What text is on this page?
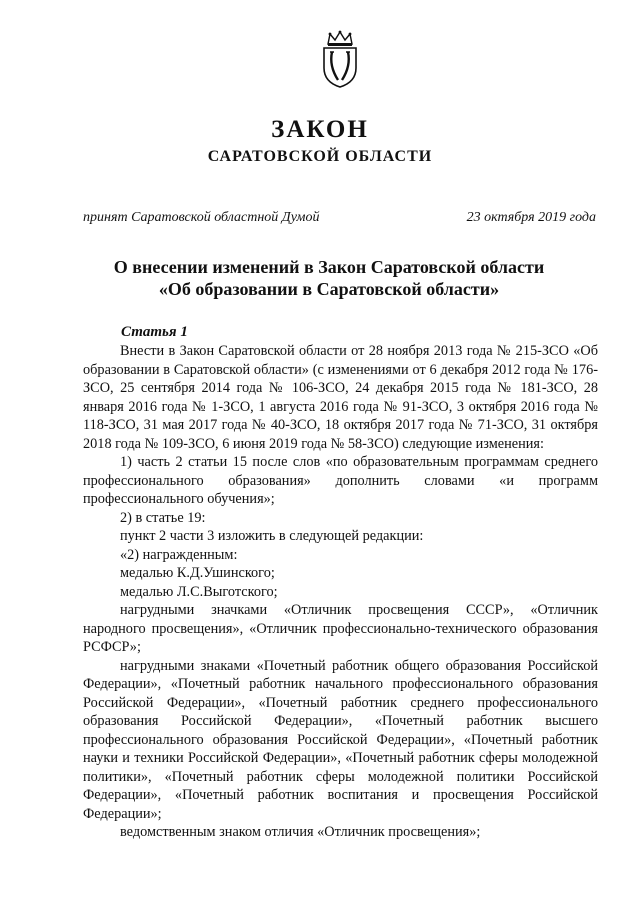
ЗАКОН
САРАТОВСКОЙ ОБЛАСТИ
принят Саратовской областной Думой	23 октября 2019 года
О внесении изменений в Закон Саратовской области
«Об образовании в Саратовской области»
Статья 1

Внести в Закон Саратовской области от 28 ноября 2013 года № 215-ЗСО «Об образовании в Саратовской области» (с изменениями от 6 декабря 2012 года № 176-ЗСО, 25 сентября 2014 года № 106-ЗСО, 24 декабря 2015 года № 181-ЗСО, 28 января 2016 года № 1-ЗСО, 1 августа 2016 года № 91-ЗСО, 3 октября 2016 года № 118-ЗСО, 31 мая 2017 года № 40-ЗСО, 18 октября 2017 года № 71-ЗСО, 31 октября 2018 года № 109-ЗСО, 6 июня 2019 года № 58-ЗСО) следующие изменения:

1) часть 2 статьи 15 после слов «по образовательным программам среднего профессионального образования» дополнить словами «и программ профессионального обучения»;

2) в статье 19:

пункт 2 части 3 изложить в следующей редакции:

«2) награжденным:

медалью К.Д.Ушинского;

медалью Л.С.Выготского;

нагрудными значками «Отличник просвещения СССР», «Отличник народного просвещения», «Отличник профессионально-технического образования РСФСР»;

нагрудными знаками «Почетный работник общего образования Российской Федерации», «Почетный работник начального профессионального образования Российской Федерации», «Почетный работник среднего профессионального образования Российской Федерации», «Почетный работник высшего профессионального образования Российской Федерации», «Почетный работник науки и техники Российской Федерации», «Почетный работник сферы молодежной политики», «Почетный работник сферы молодежной политики Российской Федерации», «Почетный работник воспитания и просвещения Российской Федерации»;

ведомственным знаком отличия «Отличник просвещения»;
